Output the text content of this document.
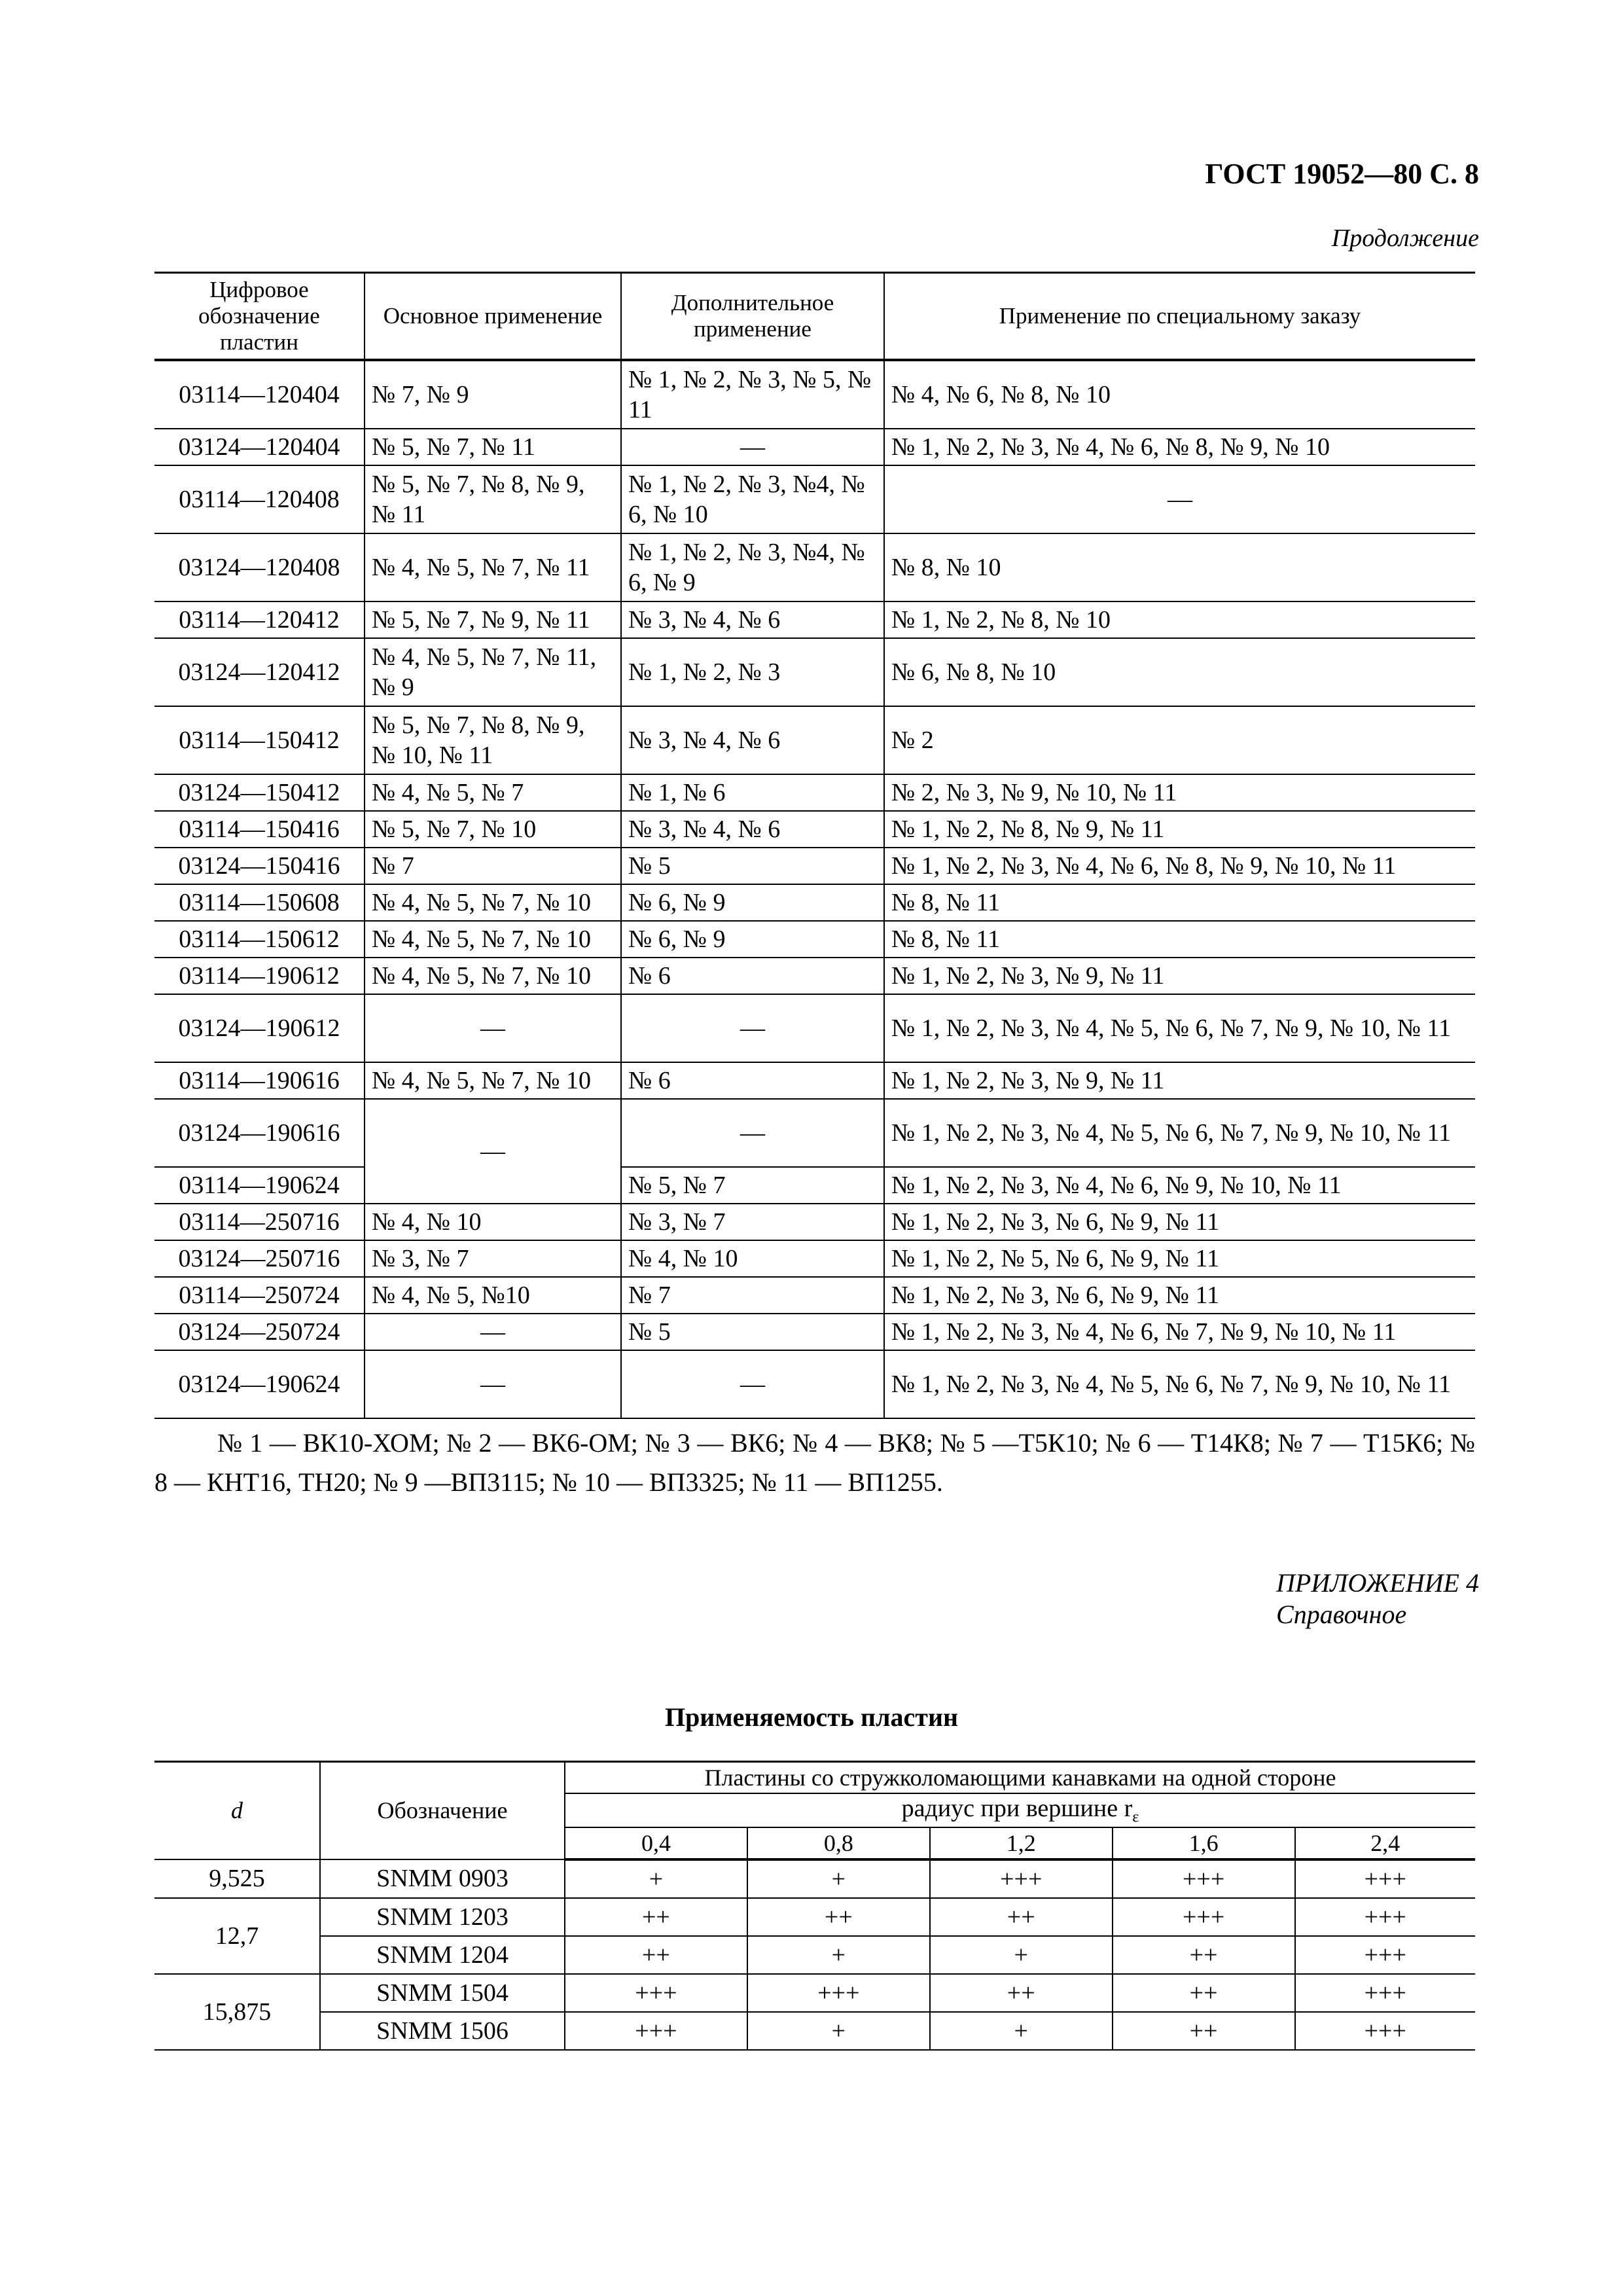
ГОСТ 19052—80 С. 8
Продолжение
Цифровое обозначение пластин	Основное применение	Дополнительное применение	Применение по специальному заказу
03114—120404	№ 7, № 9	№ 1, № 2, № 3, № 5, № 11	№ 4, № 6, № 8, № 10
03124—120404	№ 5, № 7, № 11	—	№ 1, № 2, № 3, № 4, № 6, № 8, № 9, № 10
03114—120408	№ 5, № 7, № 8, № 9, № 11	№ 1, № 2, № 3, №4, № 6, № 10	—
03124—120408	№ 4, № 5, № 7, № 11	№ 1, № 2, № 3, №4, № 6, № 9	№ 8, № 10
03114—120412	№ 5, № 7, № 9, № 11	№ 3, № 4, № 6	№ 1, № 2, № 8, № 10
03124—120412	№ 4, № 5, № 7, № 11, № 9	№ 1, № 2, № 3	№ 6, № 8, № 10
03114—150412	№ 5, № 7, № 8, № 9, № 10, № 11	№ 3, № 4, № 6	№ 2
03124—150412	№ 4, № 5, № 7	№ 1, № 6	№ 2, № 3, № 9, № 10, № 11
03114—150416	№ 5, № 7, № 10	№ 3, № 4, № 6	№ 1, № 2, № 8, № 9, № 11
03124—150416	№ 7	№ 5	№ 1, № 2, № 3, № 4, № 6, № 8, № 9, № 10, № 11
03114—150608	№ 4, № 5, № 7, № 10	№ 6, № 9	№ 8, № 11
03114—150612	№ 4, № 5, № 7, № 10	№ 6, № 9	№ 8, № 11
03114—190612	№ 4, № 5, № 7, № 10	№ 6	№ 1, № 2, № 3, № 9, № 11
03124—190612	—	—	№ 1, № 2, № 3, № 4, № 5, № 6, № 7, № 9, № 10, № 11
03114—190616	№ 4, № 5, № 7, № 10	№ 6	№ 1, № 2, № 3, № 9, № 11
03124—190616	—	—	№ 1, № 2, № 3, № 4, № 5, № 6, № 7, № 9, № 10, № 11
03114—190624		№ 5, № 7	№ 1, № 2, № 3, № 4, № 6, № 9, № 10, № 11
03114—250716	№ 4, № 10	№ 3, № 7	№ 1, № 2, № 3, № 6, № 9, № 11
03124—250716	№ 3, № 7	№ 4, № 10	№ 1, № 2, № 5, № 6, № 9, № 11
03114—250724	№ 4, № 5, №10	№ 7	№ 1, № 2, № 3, № 6, № 9, № 11
03124—250724	—	№ 5	№ 1, № 2, № 3, № 4, № 6, № 7, № 9, № 10, № 11
03124—190624	—	—	№ 1, № 2, № 3, № 4, № 5, № 6, № 7, № 9, № 10, № 11
№ 1 — ВК10-ХОМ; № 2 — ВК6-ОМ; № 3 — ВК6; № 4 — ВК8; № 5 —Т5К10; № 6 — Т14К8; № 7 — Т15К6; № 8 — КНТ16, ТН20; № 9 —ВП3115; № 10 — ВП3325; № 11 — ВП1255.
ПРИЛОЖЕНИЕ 4
Справочное
Применяемость пластин
d	Обозначение	Пластины со стружколомающими канавками на одной стороне				
		радиус при вершине $r_\varepsilon$
		0,4	0,8	1,2	1,6	2,4
9,525	SNMM 0903	+	+	+++	+++	+++
12,7	SNMM 1203	++	++	++	+++	+++
	SNMM 1204	++	+	+	++	+++
15,875	SNMM 1504	+++	+++	++	++	+++
	SNMM 1506	+++	+	+	++	+++
